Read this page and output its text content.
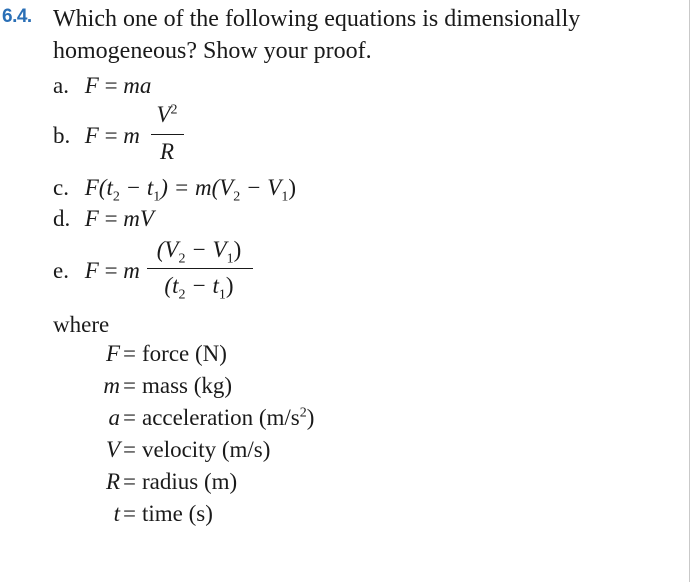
6.4. Which one of the following equations is dimensionally
homogeneous? Show your proof.
a. F = ma
b. F = m
$V^2$
R
c. $F(t_2 - t_1) = m(V_2 - V_1)$
d. F = mV
e. F = m
$(V_2 - V_1)$
$(t_2 - t_1)$
where
F = force (N)
m = mass (kg)
a = acceleration $(m/s^2)$
V = velocity (m/s)
R = radius (m)
t = time (s)
